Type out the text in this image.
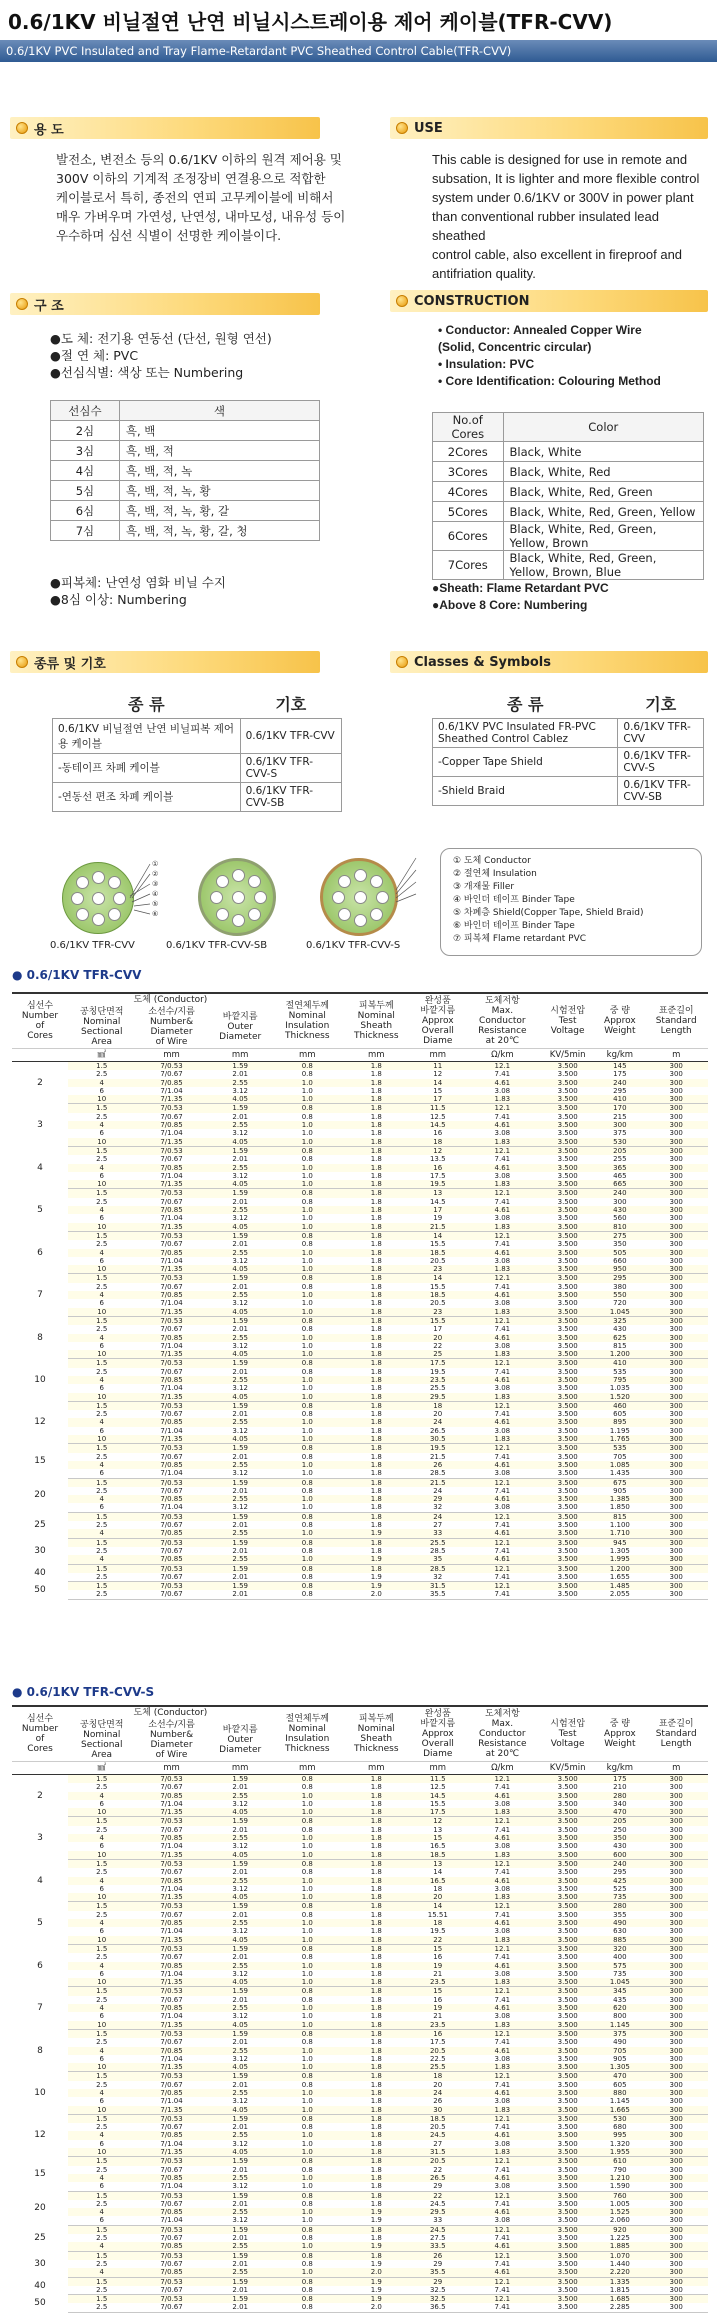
0.6/1KV 비닐절연 난연 비닐시스트레이용 제어 케이블(TFR-CVV)
0.6/1KV PVC Insulated and Tray Flame-Retardant PVC Sheathed Control Cable(TFR-CVV)
용 도	USE
발전소, 변전소 등의 0.6/1KV 이하의 원격 제어용 및
300V 이하의 기계적 조정장비 연결용으로 적합한
케이블로서 특히, 종전의 연피 고무케이블에 비해서
매우 가벼우며 가연성, 난연성, 내마모성, 내유성 등이
우수하며 심선 식별이 선명한 케이블이다.
This cable is designed for use in remote and
subsation, It is lighter and more flexible control
system under 0.6/1KV or 300V in power plant
than conventional rubber insulated lead sheathed
control cable, also excellent in fireproof and
antifriation quality.
구 조	CONSTRUCTION
●도 체: 전기용 연동선 (단선, 원형 연선)
●절 연 체: PVC
●선심식별: 색상 또는 Numbering
선심수	색
2심	흑, 백
3심	흑, 백, 적
4심	흑, 백, 적, 녹
5심	흑, 백, 적, 녹, 황
6심	흑, 백, 적, 녹, 황, 갈
7심	흑, 백, 적, 녹, 황, 갈, 청
●피복체: 난연성 염화 비닐 수지
●8심 이상: Numbering
• Conductor: Annealed Copper Wire
(Solid, Concentric circular)
• Insulation: PVC
• Core Identification: Colouring Method
No.of Cores	Color
2Cores	Black, White
3Cores	Black, White, Red
4Cores	Black, White, Red, Green
5Cores	Black, White, Red, Green, Yellow
6Cores	Black, White, Red, Green, Yellow, Brown
7Cores	Black, White, Red, Green, Yellow, Brown, Blue
●Sheath: Flame Retardant PVC
●Above 8 Core: Numbering
종류 및 기호	Classes & Symbols
종 류	기호
0.6/1KV 비닐절연 난연 비닐피복 제어용 케이블	0.6/1KV TFR-CVV
-동테이프 차폐 케이블	0.6/1KV TFR-CVV-S
-연동선 편조 차폐 케이블	0.6/1KV TFR-CVV-SB
종 류	기호
0.6/1KV PVC Insulated FR-PVC Sheathed Control Cablez	0.6/1KV TFR-CVV
-Copper Tape Shield	0.6/1KV TFR-CVV-S
-Shield Braid	0.6/1KV TFR-CVV-SB
①
②
③
④
⑤
⑥
0.6/1KV TFR-CVV	0.6/1KV TFR-CVV-SB	0.6/1KV TFR-CVV-S
① 도체 Conductor
② 절연체 Insulation
③ 개재물 Filler
④ 바인더 테이프 Binder Tape
⑤ 차폐층 Shield(Copper Tape, Shield Braid)
⑥ 바인더 테이프 Binder Tape
⑦ 피복체 Flame retardant PVC
● 0.6/1KV TFR-CVV
심선수
Number
of
Cores	도체 (Conductor)			절연체두께
Nominal
Insulation
Thickness	피복두께
Nominal
Sheath
Thickness	완성품
바깥지름
Approx
Overall
Diame	도체저항
Max.
Conductor
Resistance
at 20℃	시험전압
Test
Voltage	중 량
Approx
Weight	표준길이
Standard
Length
	공칭단면적
Nominal
Sectional
Area	소선수/지름
Number&
Diameter
of Wire	바깥지름
Outer
Diameter							
	㎟	mm	mm	mm	mm	mm	Ω/km	KV/5min	kg/km	m
2	1.5	7/0.53	1.59	0.8	1.8	11	12.1	3.500	145	300
	2.5	7/0.67	2.01	0.8	1.8	12	7.41	3.500	175	300
	4	7/0.85	2.55	1.0	1.8	14	4.61	3.500	240	300
	6	7/1.04	3.12	1.0	1.8	15	3.08	3.500	295	300
	10	7/1.35	4.05	1.0	1.8	17	1.83	3.500	410	300
3	1.5	7/0.53	1.59	0.8	1.8	11.5	12.1	3.500	170	300
	2.5	7/0.67	2.01	0.8	1.8	12.5	7.41	3.500	215	300
	4	7/0.85	2.55	1.0	1.8	14.5	4.61	3.500	300	300
	6	7/1.04	3.12	1.0	1.8	16	3.08	3.500	375	300
	10	7/1.35	4.05	1.0	1.8	18	1.83	3.500	530	300
4	1.5	7/0.53	1.59	0.8	1.8	12	12.1	3.500	205	300
	2.5	7/0.67	2.01	0.8	1.8	13.5	7.41	3.500	255	300
	4	7/0.85	2.55	1.0	1.8	16	4.61	3.500	365	300
	6	7/1.04	3.12	1.0	1.8	17.5	3.08	3.500	465	300
	10	7/1.35	4.05	1.0	1.8	19.5	1.83	3.500	665	300
5	1.5	7/0.53	1.59	0.8	1.8	13	12.1	3.500	240	300
	2.5	7/0.67	2.01	0.8	1.8	14.5	7.41	3.500	300	300
	4	7/0.85	2.55	1.0	1.8	17	4.61	3.500	430	300
	6	7/1.04	3.12	1.0	1.8	19	3.08	3.500	560	300
	10	7/1.35	4.05	1.0	1.8	21.5	1.83	3.500	810	300
6	1.5	7/0.53	1.59	0.8	1.8	14	12.1	3.500	275	300
	2.5	7/0.67	2.01	0.8	1.8	15.5	7.41	3.500	350	300
	4	7/0.85	2.55	1.0	1.8	18.5	4.61	3.500	505	300
	6	7/1.04	3.12	1.0	1.8	20.5	3.08	3.500	660	300
	10	7/1.35	4.05	1.0	1.8	23	1.83	3.500	950	300
7	1.5	7/0.53	1.59	0.8	1.8	14	12.1	3.500	295	300
	2.5	7/0.67	2.01	0.8	1.8	15.5	7.41	3.500	380	300
	4	7/0.85	2.55	1.0	1.8	18.5	4.61	3.500	550	300
	6	7/1.04	3.12	1.0	1.8	20.5	3.08	3.500	720	300
	10	7/1.35	4.05	1.0	1.8	23	1.83	3.500	1.045	300
8	1.5	7/0.53	1.59	0.8	1.8	15.5	12.1	3.500	325	300
	2.5	7/0.67	2.01	0.8	1.8	17	7.41	3.500	430	300
	4	7/0.85	2.55	1.0	1.8	20	4.61	3.500	625	300
	6	7/1.04	3.12	1.0	1.8	22	3.08	3.500	815	300
	10	7/1.35	4.05	1.0	1.8	25	1.83	3.500	1.200	300
10	1.5	7/0.53	1.59	0.8	1.8	17.5	12.1	3.500	410	300
	2.5	7/0.67	2.01	0.8	1.8	19.5	7.41	3.500	535	300
	4	7/0.85	2.55	1.0	1.8	23.5	4.61	3.500	795	300
	6	7/1.04	3.12	1.0	1.8	25.5	3.08	3.500	1.035	300
	10	7/1.35	4.05	1.0	1.8	29.5	1.83	3.500	1.520	300
12	1.5	7/0.53	1.59	0.8	1.8	18	12.1	3.500	460	300
	2.5	7/0.67	2.01	0.8	1.8	20	7.41	3.500	605	300
	4	7/0.85	2.55	1.0	1.8	24	4.61	3.500	895	300
	6	7/1.04	3.12	1.0	1.8	26.5	3.08	3.500	1.195	300
	10	7/1.35	4.05	1.0	1.8	30.5	1.83	3.500	1.765	300
15	1.5	7/0.53	1.59	0.8	1.8	19.5	12.1	3.500	535	300
	2.5	7/0.67	2.01	0.8	1.8	21.5	7.41	3.500	705	300
	4	7/0.85	2.55	1.0	1.8	26	4.61	3.500	1.085	300
	6	7/1.04	3.12	1.0	1.8	28.5	3.08	3.500	1.435	300
20	1.5	7/0.53	1.59	0.8	1.8	21.5	12.1	3.500	675	300
	2.5	7/0.67	2.01	0.8	1.8	24	7.41	3.500	905	300
	4	7/0.85	2.55	1.0	1.8	29	4.61	3.500	1.385	300
	6	7/1.04	3.12	1.0	1.8	32	3.08	3.500	1.850	300
25	1.5	7/0.53	1.59	0.8	1.8	24	12.1	3.500	815	300
	2.5	7/0.67	2.01	0.8	1.8	27	7.41	3.500	1.100	300
	4	7/0.85	2.55	1.0	1.9	33	4.61	3.500	1.710	300
30	1.5	7/0.53	1.59	0.8	1.8	25.5	12.1	3.500	945	300
	2.5	7/0.67	2.01	0.8	1.8	28.5	7.41	3.500	1.305	300
	4	7/0.85	2.55	1.0	1.9	35	4.61	3.500	1.995	300
40	1.5	7/0.53	1.59	0.8	1.8	28.5	12.1	3.500	1.200	300
	2.5	7/0.67	2.01	0.8	1.9	32	7.41	3.500	1.655	300
50	1.5	7/0.53	1.59	0.8	1.9	31.5	12.1	3.500	1.485	300
	2.5	7/0.67	2.01	0.8	2.0	35.5	7.41	3.500	2.055	300
● 0.6/1KV TFR-CVV-S
심선수
Number
of
Cores	도체 (Conductor)			절연체두께
Nominal
Insulation
Thickness	피복두께
Nominal
Sheath
Thickness	완성품
바깥지름
Approx
Overall
Diame	도체저항
Max.
Conductor
Resistance
at 20℃	시험전압
Test
Voltage	중 량
Approx
Weight	표준길이
Standard
Length
	공칭단면적
Nominal
Sectional
Area	소선수/지름
Number&
Diameter
of Wire	바깥지름
Outer
Diameter							
	㎟	mm	mm	mm	mm	mm	Ω/km	KV/5min	kg/km	m
2	1.5	7/0.53	1.59	0.8	1.8	11.5	12.1	3.500	175	300
	2.5	7/0.67	2.01	0.8	1.8	12.5	7.41	3.500	210	300
	4	7/0.85	2.55	1.0	1.8	14.5	4.61	3.500	280	300
	6	7/1.04	3.12	1.0	1.8	15.5	3.08	3.500	340	300
	10	7/1.35	4.05	1.0	1.8	17.5	1.83	3.500	470	300
3	1.5	7/0.53	1.59	0.8	1.8	12	12.1	3.500	205	300
	2.5	7/0.67	2.01	0.8	1.8	13	7.41	3.500	250	300
	4	7/0.85	2.55	1.0	1.8	15	4.61	3.500	350	300
	6	7/1.04	3.12	1.0	1.8	16.5	3.08	3.500	430	300
	10	7/1.35	4.05	1.0	1.8	18.5	1.83	3.500	600	300
4	1.5	7/0.53	1.59	0.8	1.8	13	12.1	3.500	240	300
	2.5	7/0.67	2.01	0.8	1.8	14	7.41	3.500	295	300
	4	7/0.85	2.55	1.0	1.8	16.5	4.61	3.500	425	300
	6	7/1.04	3.12	1.0	1.8	18	3.08	3.500	525	300
	10	7/1.35	4.05	1.0	1.8	20	1.83	3.500	735	300
5	1.5	7/0.53	1.59	0.8	1.8	14	12.1	3.500	280	300
	2.5	7/0.67	2.01	0.8	1.8	15.51	7.41	3.500	355	300
	4	7/0.85	2.55	1.0	1.8	18	4.61	3.500	490	300
	6	7/1.04	3.12	1.0	1.8	19.5	3.08	3.500	630	300
	10	7/1.35	4.05	1.0	1.8	22	1.83	3.500	885	300
6	1.5	7/0.53	1.59	0.8	1.8	15	12.1	3.500	320	300
	2.5	7/0.67	2.01	0.8	1.8	16	7.41	3.500	400	300
	4	7/0.85	2.55	1.0	1.8	19	4.61	3.500	575	300
	6	7/1.04	3.12	1.0	1.8	21	3.08	3.500	735	300
	10	7/1.35	4.05	1.0	1.8	23.5	1.83	3.500	1.045	300
7	1.5	7/0.53	1.59	0.8	1.8	15	12.1	3.500	345	300
	2.5	7/0.67	2.01	0.8	1.8	16	7.41	3.500	435	300
	4	7/0.85	2.55	1.0	1.8	19	4.61	3.500	620	300
	6	7/1.04	3.12	1.0	1.8	21	3.08	3.500	800	300
	10	7/1.35	4.05	1.0	1.8	23.5	1.83	3.500	1.145	300
8	1.5	7/0.53	1.59	0.8	1.8	16	12.1	3.500	375	300
	2.5	7/0.67	2.01	0.8	1.8	17.5	7.41	3.500	490	300
	4	7/0.85	2.55	1.0	1.8	20.5	4.61	3.500	705	300
	6	7/1.04	3.12	1.0	1.8	22.5	3.08	3.500	905	300
	10	7/1.35	4.05	1.0	1.8	25.5	1.83	3.500	1.305	300
10	1.5	7/0.53	1.59	0.8	1.8	18	12.1	3.500	470	300
	2.5	7/0.67	2.01	0.8	1.8	20	7.41	3.500	605	300
	4	7/0.85	2.55	1.0	1.8	24	4.61	3.500	880	300
	6	7/1.04	3.12	1.0	1.8	26	3.08	3.500	1.145	300
	10	7/1.35	4.05	1.0	1.8	30	1.83	3.500	1.665	300
12	1.5	7/0.53	1.59	0.8	1.8	18.5	12.1	3.500	530	300
	2.5	7/0.67	2.01	0.8	1.8	20.5	7.41	3.500	680	300
	4	7/0.85	2.55	1.0	1.8	24.5	4.61	3.500	995	300
	6	7/1.04	3.12	1.0	1.8	27	3.08	3.500	1.320	300
	10	7/1.35	4.05	1.0	1.8	31.5	1.83	3.500	1.955	300
15	1.5	7/0.53	1.59	0.8	1.8	20.5	12.1	3.500	610	300
	2.5	7/0.67	2.01	0.8	1.8	22	7.41	3.500	790	300
	4	7/0.85	2.55	1.0	1.8	26.5	4.61	3.500	1.210	300
	6	7/1.04	3.12	1.0	1.8	29	3.08	3.500	1.590	300
20	1.5	7/0.53	1.59	0.8	1.8	22	12.1	3.500	760	300
	2.5	7/0.67	2.01	0.8	1.8	24.5	7.41	3.500	1.005	300
	4	7/0.85	2.55	1.0	1.9	29.5	4.61	3.500	1.525	300
	6	7/1.04	3.12	1.0	1.9	33	3.08	3.500	2.060	300
25	1.5	7/0.53	1.59	0.8	1.8	24.5	12.1	3.500	920	300
	2.5	7/0.67	2.01	0.8	1.8	27.5	7.41	3.500	1.225	300
	4	7/0.85	2.55	1.0	1.9	33.5	4.61	3.500	1.885	300
30	1.5	7/0.53	1.59	0.8	1.8	26	12.1	3.500	1.070	300
	2.5	7/0.67	2.01	0.8	1.9	29	7.41	3.500	1.440	300
	4	7/0.85	2.55	1.0	2.0	35.5	4.61	3.500	2.220	300
40	1.5	7/0.53	1.59	0.8	1.9	29	12.1	3.500	1.335	300
	2.5	7/0.67	2.01	0.8	1.9	32.5	7.41	3.500	1.815	300
50	1.5	7/0.53	1.59	0.8	1.9	32.5	12.1	3.500	1.685	300
	2.5	7/0.67	2.01	0.8	2.0	36.5	7.41	3.500	2.285	300
